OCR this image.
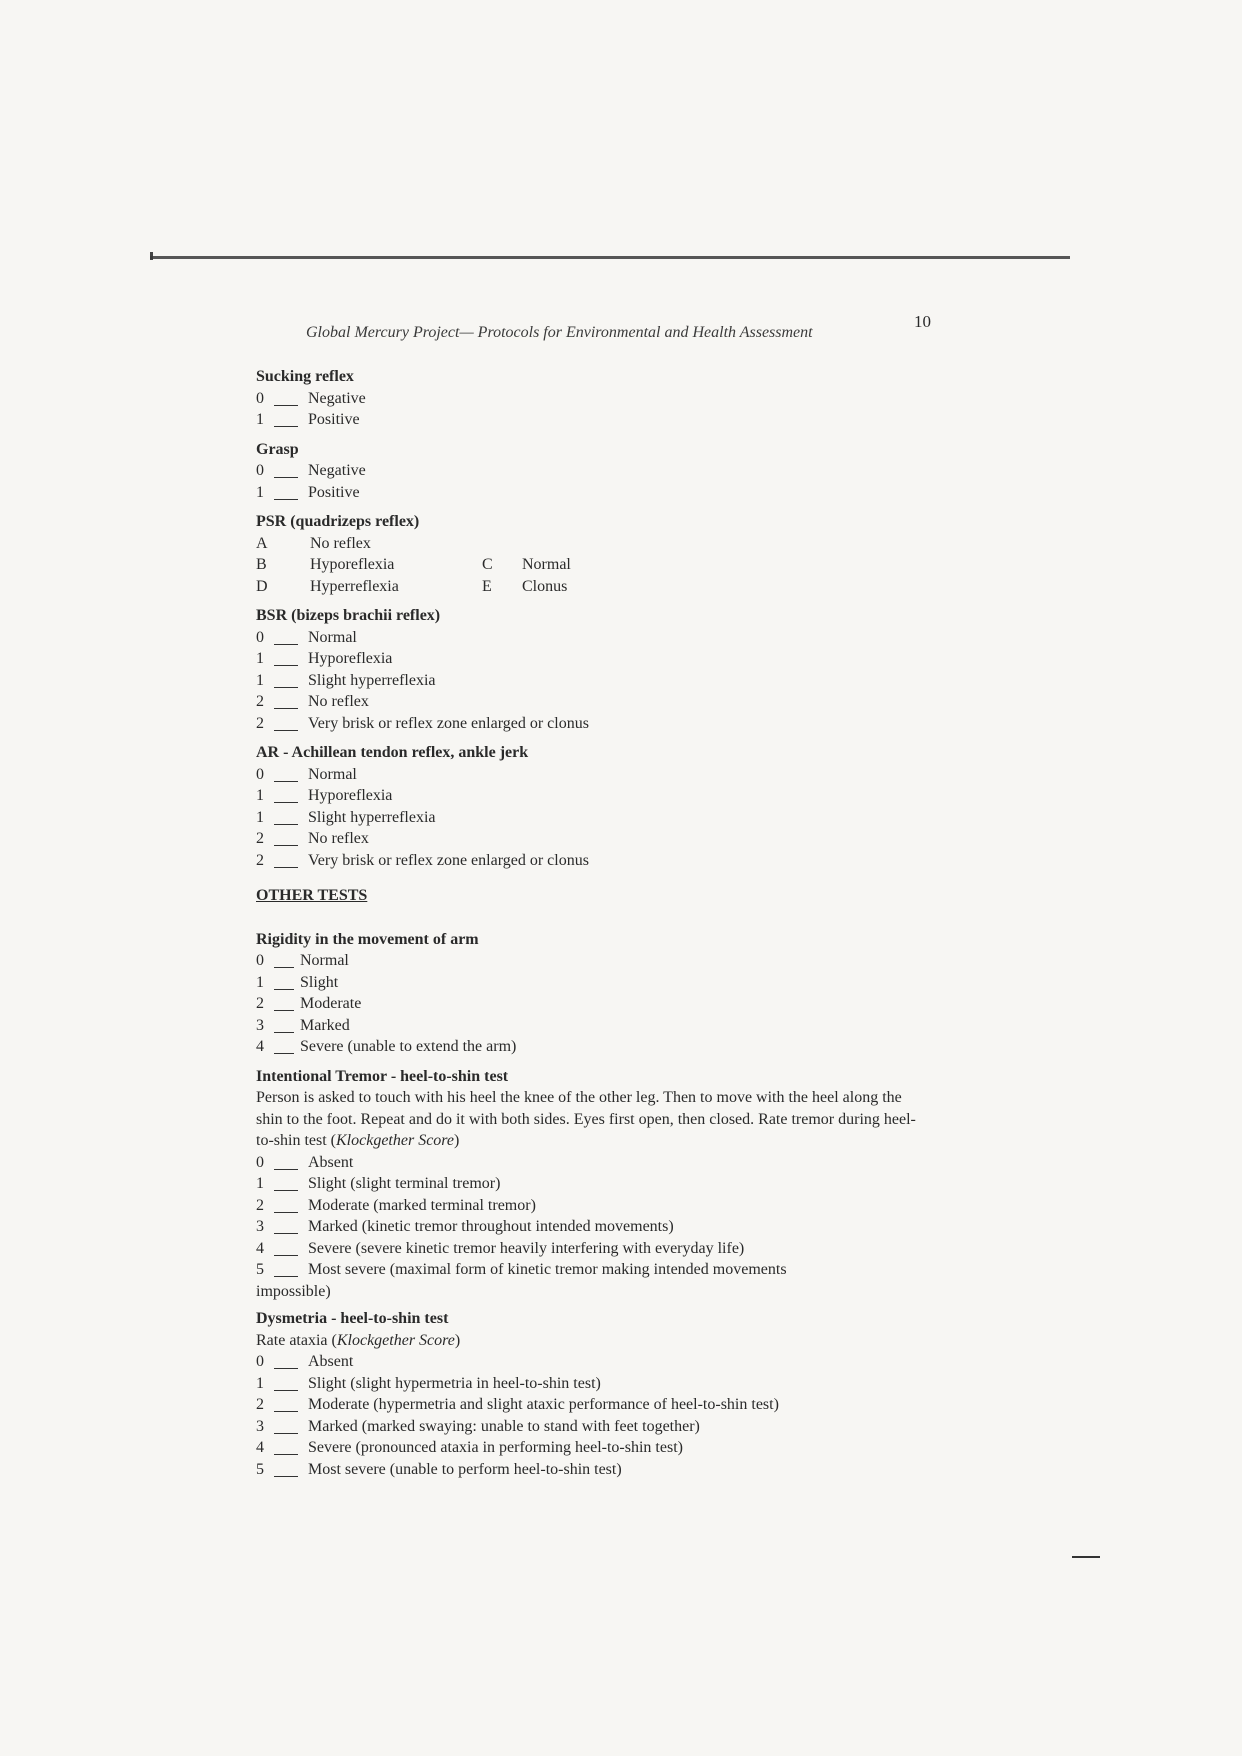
10
Global Mercury Project— Protocols for Environmental and Health Assessment

Sucking reflex

0	Negative
1	Positive

Grasp

0	Negative
1	Positive

PSR (quadrizeps reflex)

A	No reflex
B	Hyporeflexia	C	Normal
D	Hyperreflexia	E	Clonus

BSR (bizeps brachii reflex)

0	Normal
1	Hyporeflexia
1	Slight hyperreflexia
2	No reflex
2	Very brisk or reflex zone enlarged or clonus

AR - Achillean tendon reflex, ankle jerk

0	Normal
1	Hyporeflexia
1	Slight hyperreflexia
2	No reflex
2	Very brisk or reflex zone enlarged or clonus

OTHER TESTS

Rigidity in the movement of arm

0	Normal
1	Slight
2	Moderate
3	Marked
4	Severe (unable to extend the arm)

Intentional Tremor - heel-to-shin test

Person is asked to touch with his heel the knee of the other leg. Then to move with the heel along the shin to the foot. Repeat and do it with both sides. Eyes first open, then closed. Rate tremor during heel-to-shin test (Klockgether Score)

0	Absent
1	Slight (slight terminal tremor)
2	Moderate (marked terminal tremor)
3	Marked (kinetic tremor throughout intended movements)
4	Severe (severe kinetic tremor heavily interfering with everyday life)
5	Most severe (maximal form of kinetic tremor making intended movements
impossible)

Dysmetria - heel-to-shin test

Rate ataxia (Klockgether Score)

0	Absent
1	Slight (slight hypermetria in heel-to-shin test)
2	Moderate (hypermetria and slight ataxic performance of heel-to-shin test)
3	Marked (marked swaying: unable to stand with feet together)
4	Severe (pronounced ataxia in performing heel-to-shin test)
5	Most severe (unable to perform heel-to-shin test)
